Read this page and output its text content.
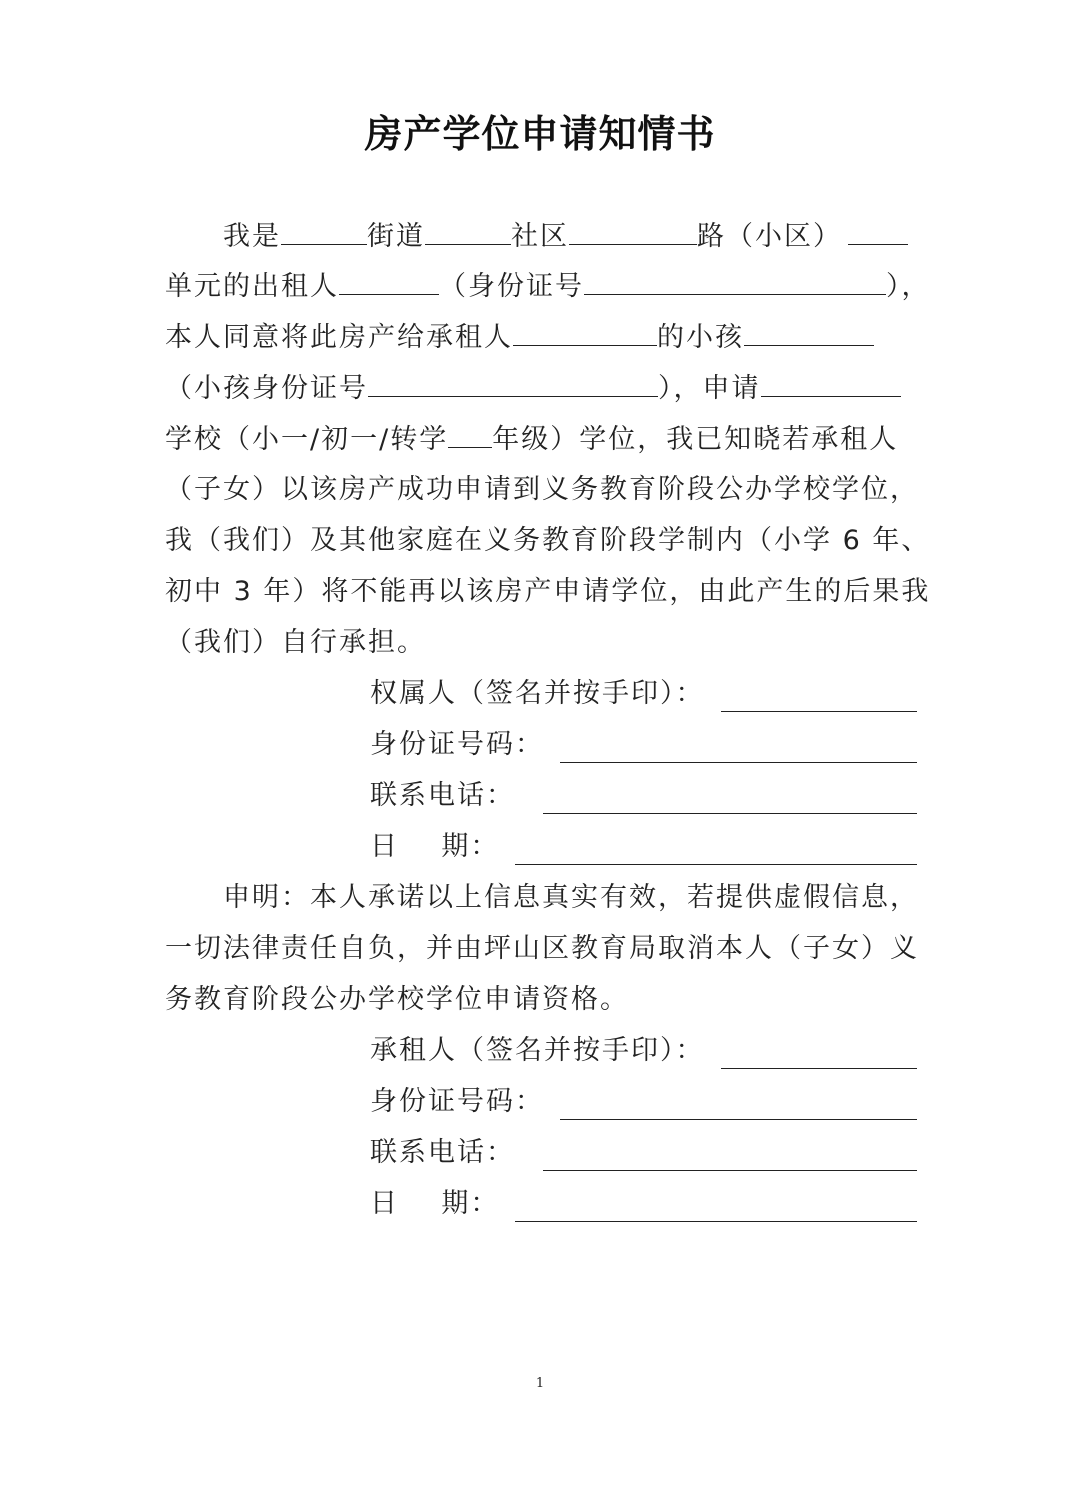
房产学位申请知情书
我是	街道	社区	路（小区）
单元的出租人	（身份证号	），
本人同意将此房产给承租人	的小孩
（小孩身份证号	），申请
学校（小一/初一/转学 年级）学位，我已知晓若承租人
（子女）以该房产成功申请到义务教育阶段公办学校学位，
我（我们）及其他家庭在义务教育阶段学制内（小学 6 年、
初中 3 年）将不能再以该房产申请学位，由此产生的后果我
（我们）自行承担。
权属人（签名并按手印）：
身份证号码：
联系电话：
日    期：
申明：本人承诺以上信息真实有效，若提供虚假信息，
一切法律责任自负，并由坪山区教育局取消本人（子女）义
务教育阶段公办学校学位申请资格。
承租人（签名并按手印）：
身份证号码：
联系电话：
日    期：
1
